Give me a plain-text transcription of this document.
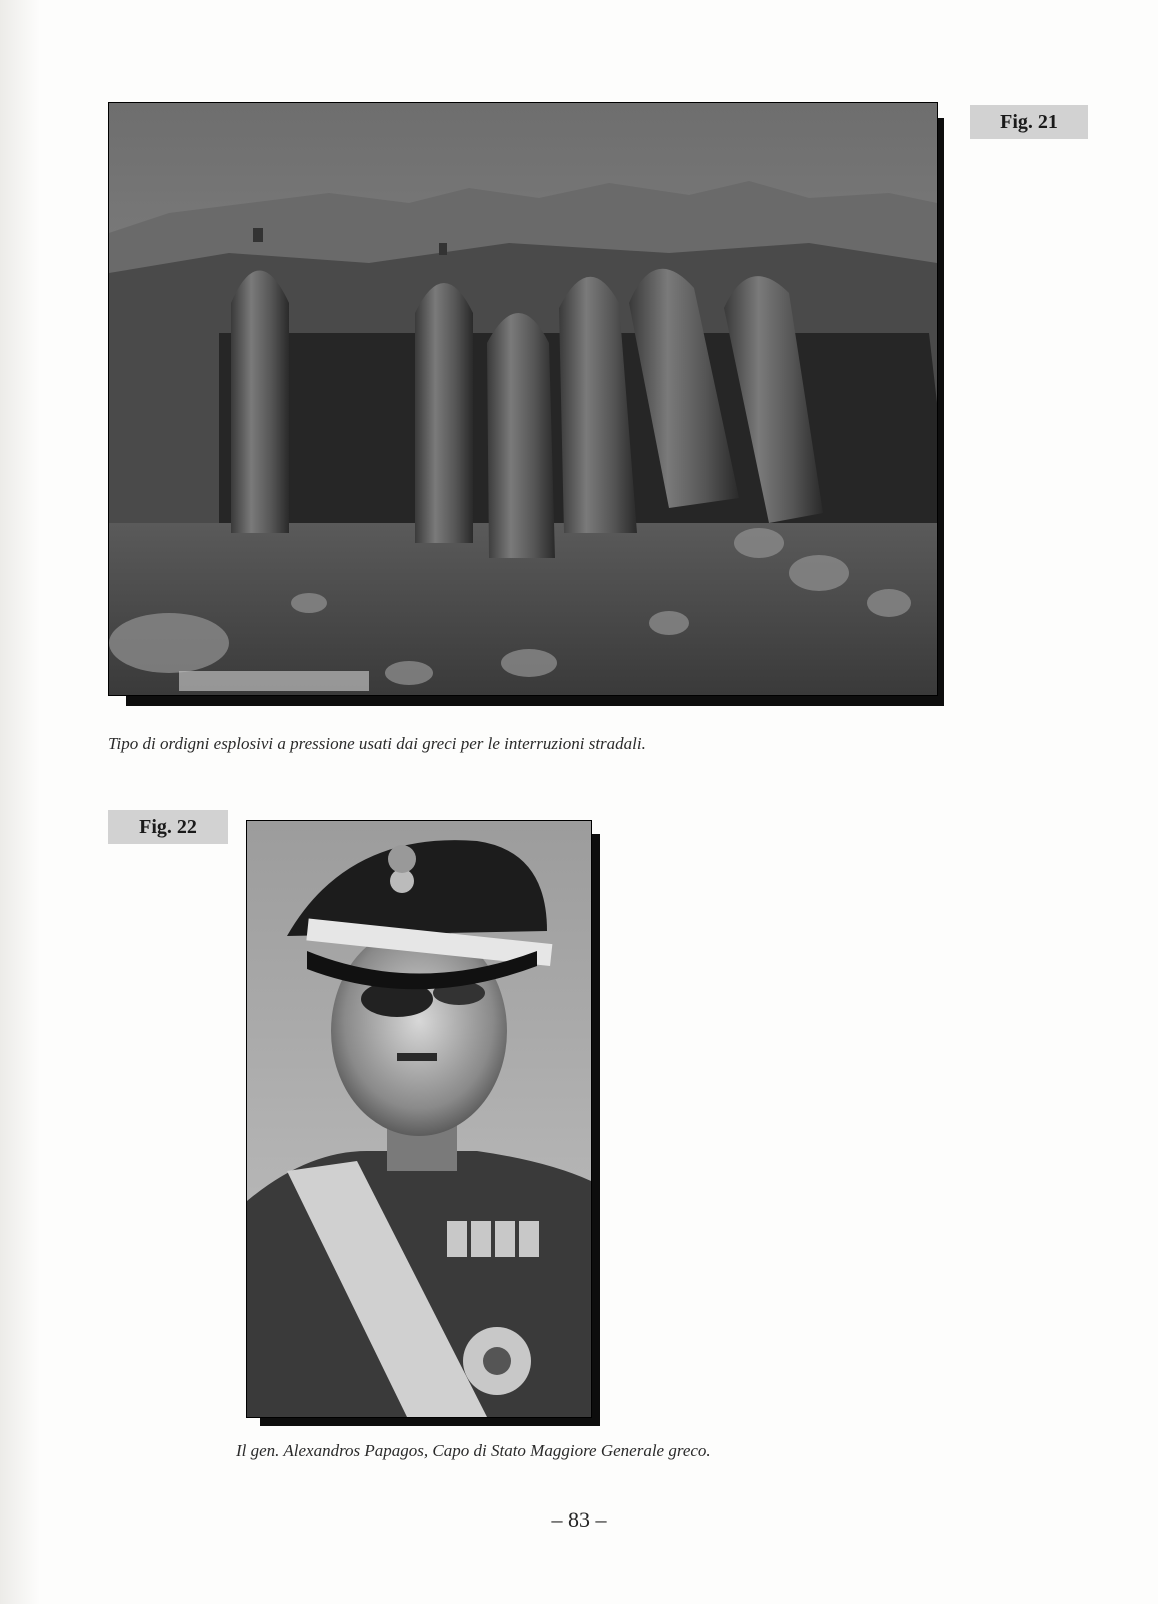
Fig. 21
Tipo di ordigni esplosivi a pressione usati dai greci per le interruzioni stradali.
Fig. 22
Il gen. Alexandros Papagos, Capo di Stato Maggiore Generale greco.
– 83 –
